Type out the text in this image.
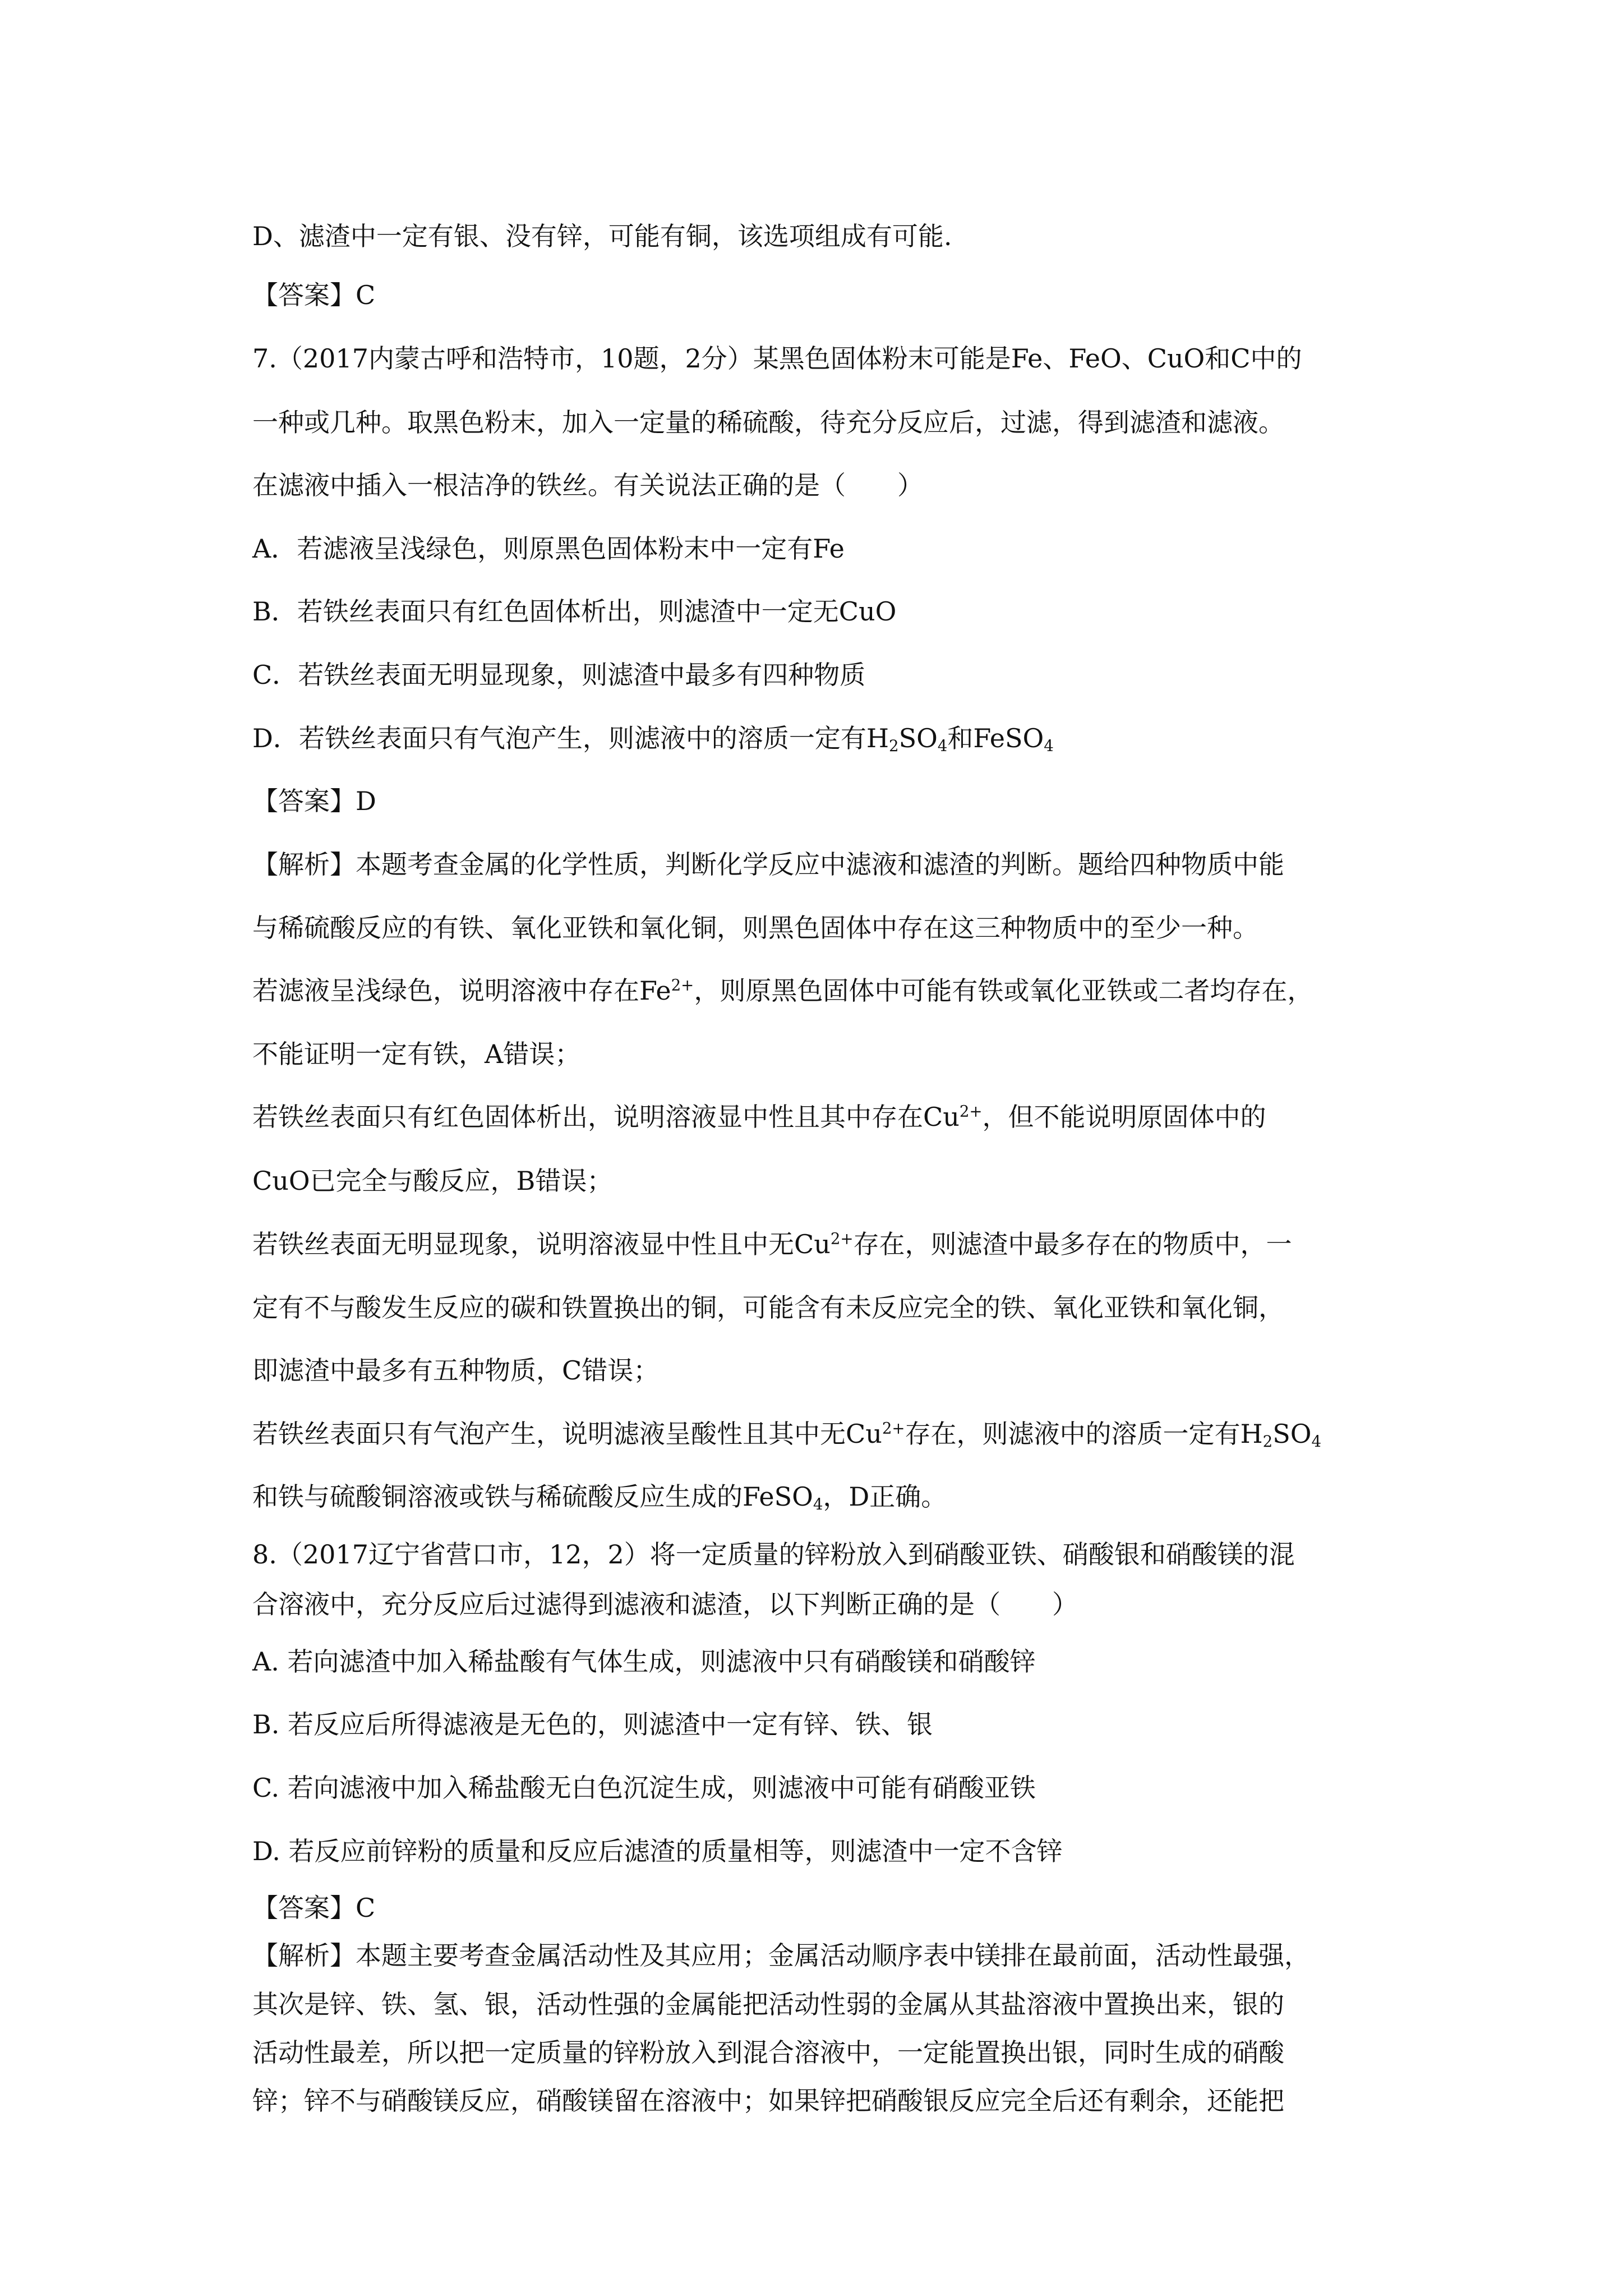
D、滤渣中一定有银、没有锌，可能有铜，该选项组成有可能.
【答案】C
7.（2017内蒙古呼和浩特市，10题，2分）某黑色固体粉末可能是Fe、FeO、CuO和C中的
一种或几种。取黑色粉末，加入一定量的稀硫酸，待充分反应后，过滤，得到滤渣和滤液。
在滤液中插入一根洁净的铁丝。有关说法正确的是（　　）
A．若滤液呈浅绿色，则原黑色固体粉末中一定有Fe
B．若铁丝表面只有红色固体析出，则滤渣中一定无CuO
C．若铁丝表面无明显现象，则滤渣中最多有四种物质
D．若铁丝表面只有气泡产生，则滤液中的溶质一定有$H_2SO_4$和FeSO$_4$
【答案】D
【解析】本题考查金属的化学性质，判断化学反应中滤液和滤渣的判断。题给四种物质中能
与稀硫酸反应的有铁、氧化亚铁和氧化铜，则黑色固体中存在这三种物质中的至少一种。
若滤液呈浅绿色，说明溶液中存在$Fe^{2+}$，则原黑色固体中可能有铁或氧化亚铁或二者均存在，
不能证明一定有铁，A错误；
若铁丝表面只有红色固体析出，说明溶液显中性且其中存在$Cu^{2+}$，但不能说明原固体中的
CuO已完全与酸反应，B错误；
若铁丝表面无明显现象，说明溶液显中性且中无$Cu^{2+}$存在，则滤渣中最多存在的物质中，一
定有不与酸发生反应的碳和铁置换出的铜，可能含有未反应完全的铁、氧化亚铁和氧化铜，
即滤渣中最多有五种物质，C错误；
若铁丝表面只有气泡产生，说明滤液呈酸性且其中无$Cu^{2+}$存在，则滤液中的溶质一定有$H_2SO_4$
和铁与硫酸铜溶液或铁与稀硫酸反应生成的FeSO$_4$，D正确。
8.（2017辽宁省营口市，12，2）将一定质量的锌粉放入到硝酸亚铁、硝酸银和硝酸镁的混
合溶液中，充分反应后过滤得到滤液和滤渣，以下判断正确的是（　　）
A. 若向滤渣中加入稀盐酸有气体生成，则滤液中只有硝酸镁和硝酸锌
B. 若反应后所得滤液是无色的，则滤渣中一定有锌、铁、银
C. 若向滤液中加入稀盐酸无白色沉淀生成，则滤液中可能有硝酸亚铁
D. 若反应前锌粉的质量和反应后滤渣的质量相等，则滤渣中一定不含锌
【答案】C
【解析】本题主要考查金属活动性及其应用；金属活动顺序表中镁排在最前面，活动性最强，
其次是锌、铁、氢、银，活动性强的金属能把活动性弱的金属从其盐溶液中置换出来，银的
活动性最差，所以把一定质量的锌粉放入到混合溶液中，一定能置换出银，同时生成的硝酸
锌；锌不与硝酸镁反应，硝酸镁留在溶液中；如果锌把硝酸银反应完全后还有剩余，还能把
